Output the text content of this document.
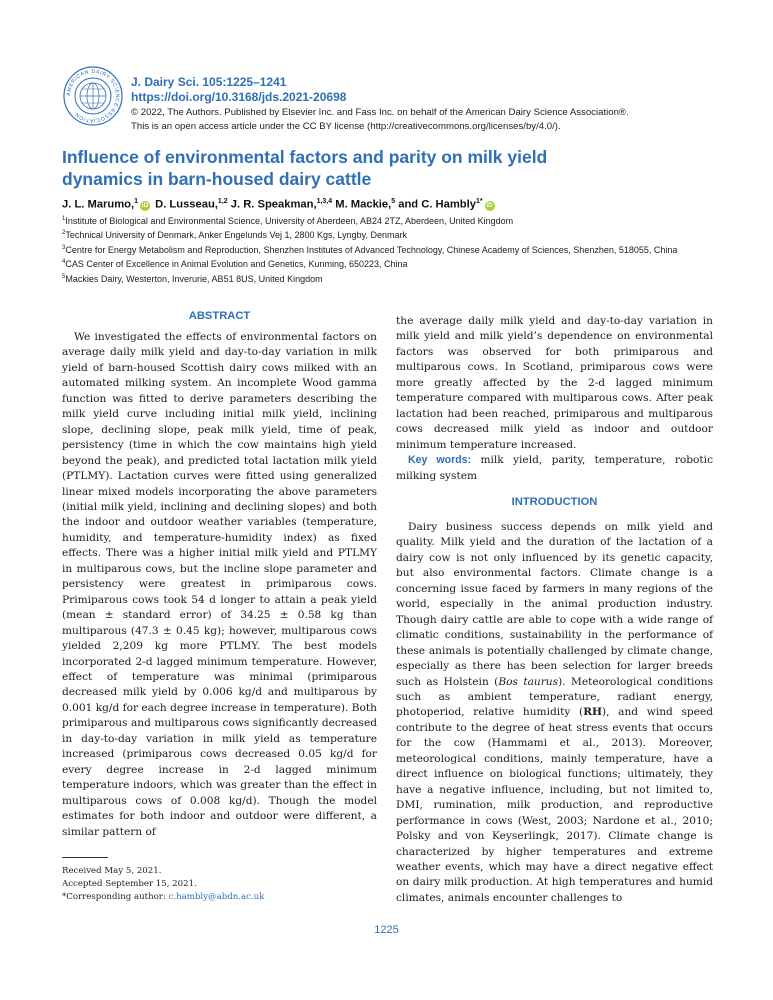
AMERICAN DAIRY SCIENCE ASSOCIATION
J. Dairy Sci. 105:1225–1241
https://doi.org/10.3168/jds.2021-20698
© 2022, The Authors. Published by Elsevier Inc. and Fass Inc. on behalf of the American Dairy Science Association®.
This is an open access article under the CC BY license (http://creativecommons.org/licenses/by/4.0/).
Influence of environmental factors and parity on milk yield dynamics in barn-housed dairy cattle
J. L. Marumo,$^1$iD D. Lusseau,$^{1,2}$ J. R. Speakman,$^{1,3,4}$ M. Mackie,$^5$ and C. Hambly$^{1*}$iD
$^1$Institute of Biological and Environmental Science, University of Aberdeen, AB24 2TZ, Aberdeen, United Kingdom
$^2$Technical University of Denmark, Anker Engelunds Vej 1, 2800 Kgs, Lyngby, Denmark
$^3$Centre for Energy Metabolism and Reproduction, Shenzhen Institutes of Advanced Technology, Chinese Academy of Sciences, Shenzhen, 518055, China
$^4$CAS Center of Excellence in Animal Evolution and Genetics, Kunming, 650223, China
$^5$Mackies Dairy, Westerton, Inverurie, AB51 8US, United Kingdom
ABSTRACT

We investigated the effects of environmental factors on average daily milk yield and day-to-day variation in milk yield of barn-housed Scottish dairy cows milked with an automated milking system. An incomplete Wood gamma function was fitted to derive parameters describing the milk yield curve including initial milk yield, inclining slope, declining slope, peak milk yield, time of peak, persistency (time in which the cow maintains high yield beyond the peak), and predicted total lactation milk yield (PTLMY). Lactation curves were fitted using generalized linear mixed models incorporating the above parameters (initial milk yield, inclining and declining slopes) and both the indoor and outdoor weather variables (temperature, humidity, and temperature-humidity index) as fixed effects. There was a higher initial milk yield and PTLMY in multiparous cows, but the incline slope parameter and persistency were greatest in primiparous cows. Primiparous cows took 54 d longer to attain a peak yield (mean ± standard error) of 34.25 ± 0.58 kg than multiparous (47.3 ± 0.45 kg); however, multiparous cows yielded 2,209 kg more PTLMY. The best models incorporated 2-d lagged minimum temperature. However, effect of temperature was minimal (primiparous decreased milk yield by 0.006 kg/d and multiparous by 0.001 kg/d for each degree increase in temperature). Both primiparous and multiparous cows significantly decreased in day-to-day variation in milk yield as temperature increased (primiparous cows decreased 0.05 kg/d for every degree increase in 2-d lagged minimum temperature indoors, which was greater than the effect in multiparous cows of 0.008 kg/d). Though the model estimates for both indoor and outdoor were different, a similar pattern of

the average daily milk yield and day-to-day variation in milk yield and milk yield’s dependence on environmental factors was observed for both primiparous and multiparous cows. In Scotland, primiparous cows were more greatly affected by the 2-d lagged minimum temperature compared with multiparous cows. After peak lactation had been reached, primiparous and multiparous cows decreased milk yield as indoor and outdoor minimum temperature increased.

Key words: milk yield, parity, temperature, robotic milking system

INTRODUCTION

Dairy business success depends on milk yield and quality. Milk yield and the duration of the lactation of a dairy cow is not only influenced by its genetic capacity, but also environmental factors. Climate change is a concerning issue faced by farmers in many regions of the world, especially in the animal production industry. Though dairy cattle are able to cope with a wide range of climatic conditions, sustainability in the performance of these animals is potentially challenged by climate change, especially as there has been selection for larger breeds such as Holstein (Bos taurus). Meteorological conditions such as ambient temperature, radiant energy, photoperiod, relative humidity (RH), and wind speed contribute to the degree of heat stress events that occurs for the cow (Hammami et al., 2013). Moreover, meteorological conditions, mainly temperature, have a direct influence on biological functions; ultimately, they have a negative influence, including, but not limited to, DMI, rumination, milk production, and reproductive performance in cows (West, 2003; Nardone et al., 2010; Polsky and von Keyserlingk, 2017). Climate change is characterized by higher temperatures and extreme weather events, which may have a direct negative effect on dairy milk production. At high temperatures and humid climates, animals encounter challenges to

Received May 5, 2021.
Accepted September 15, 2021.
*Corresponding author: c.hambly@abdn.ac.uk
1225
